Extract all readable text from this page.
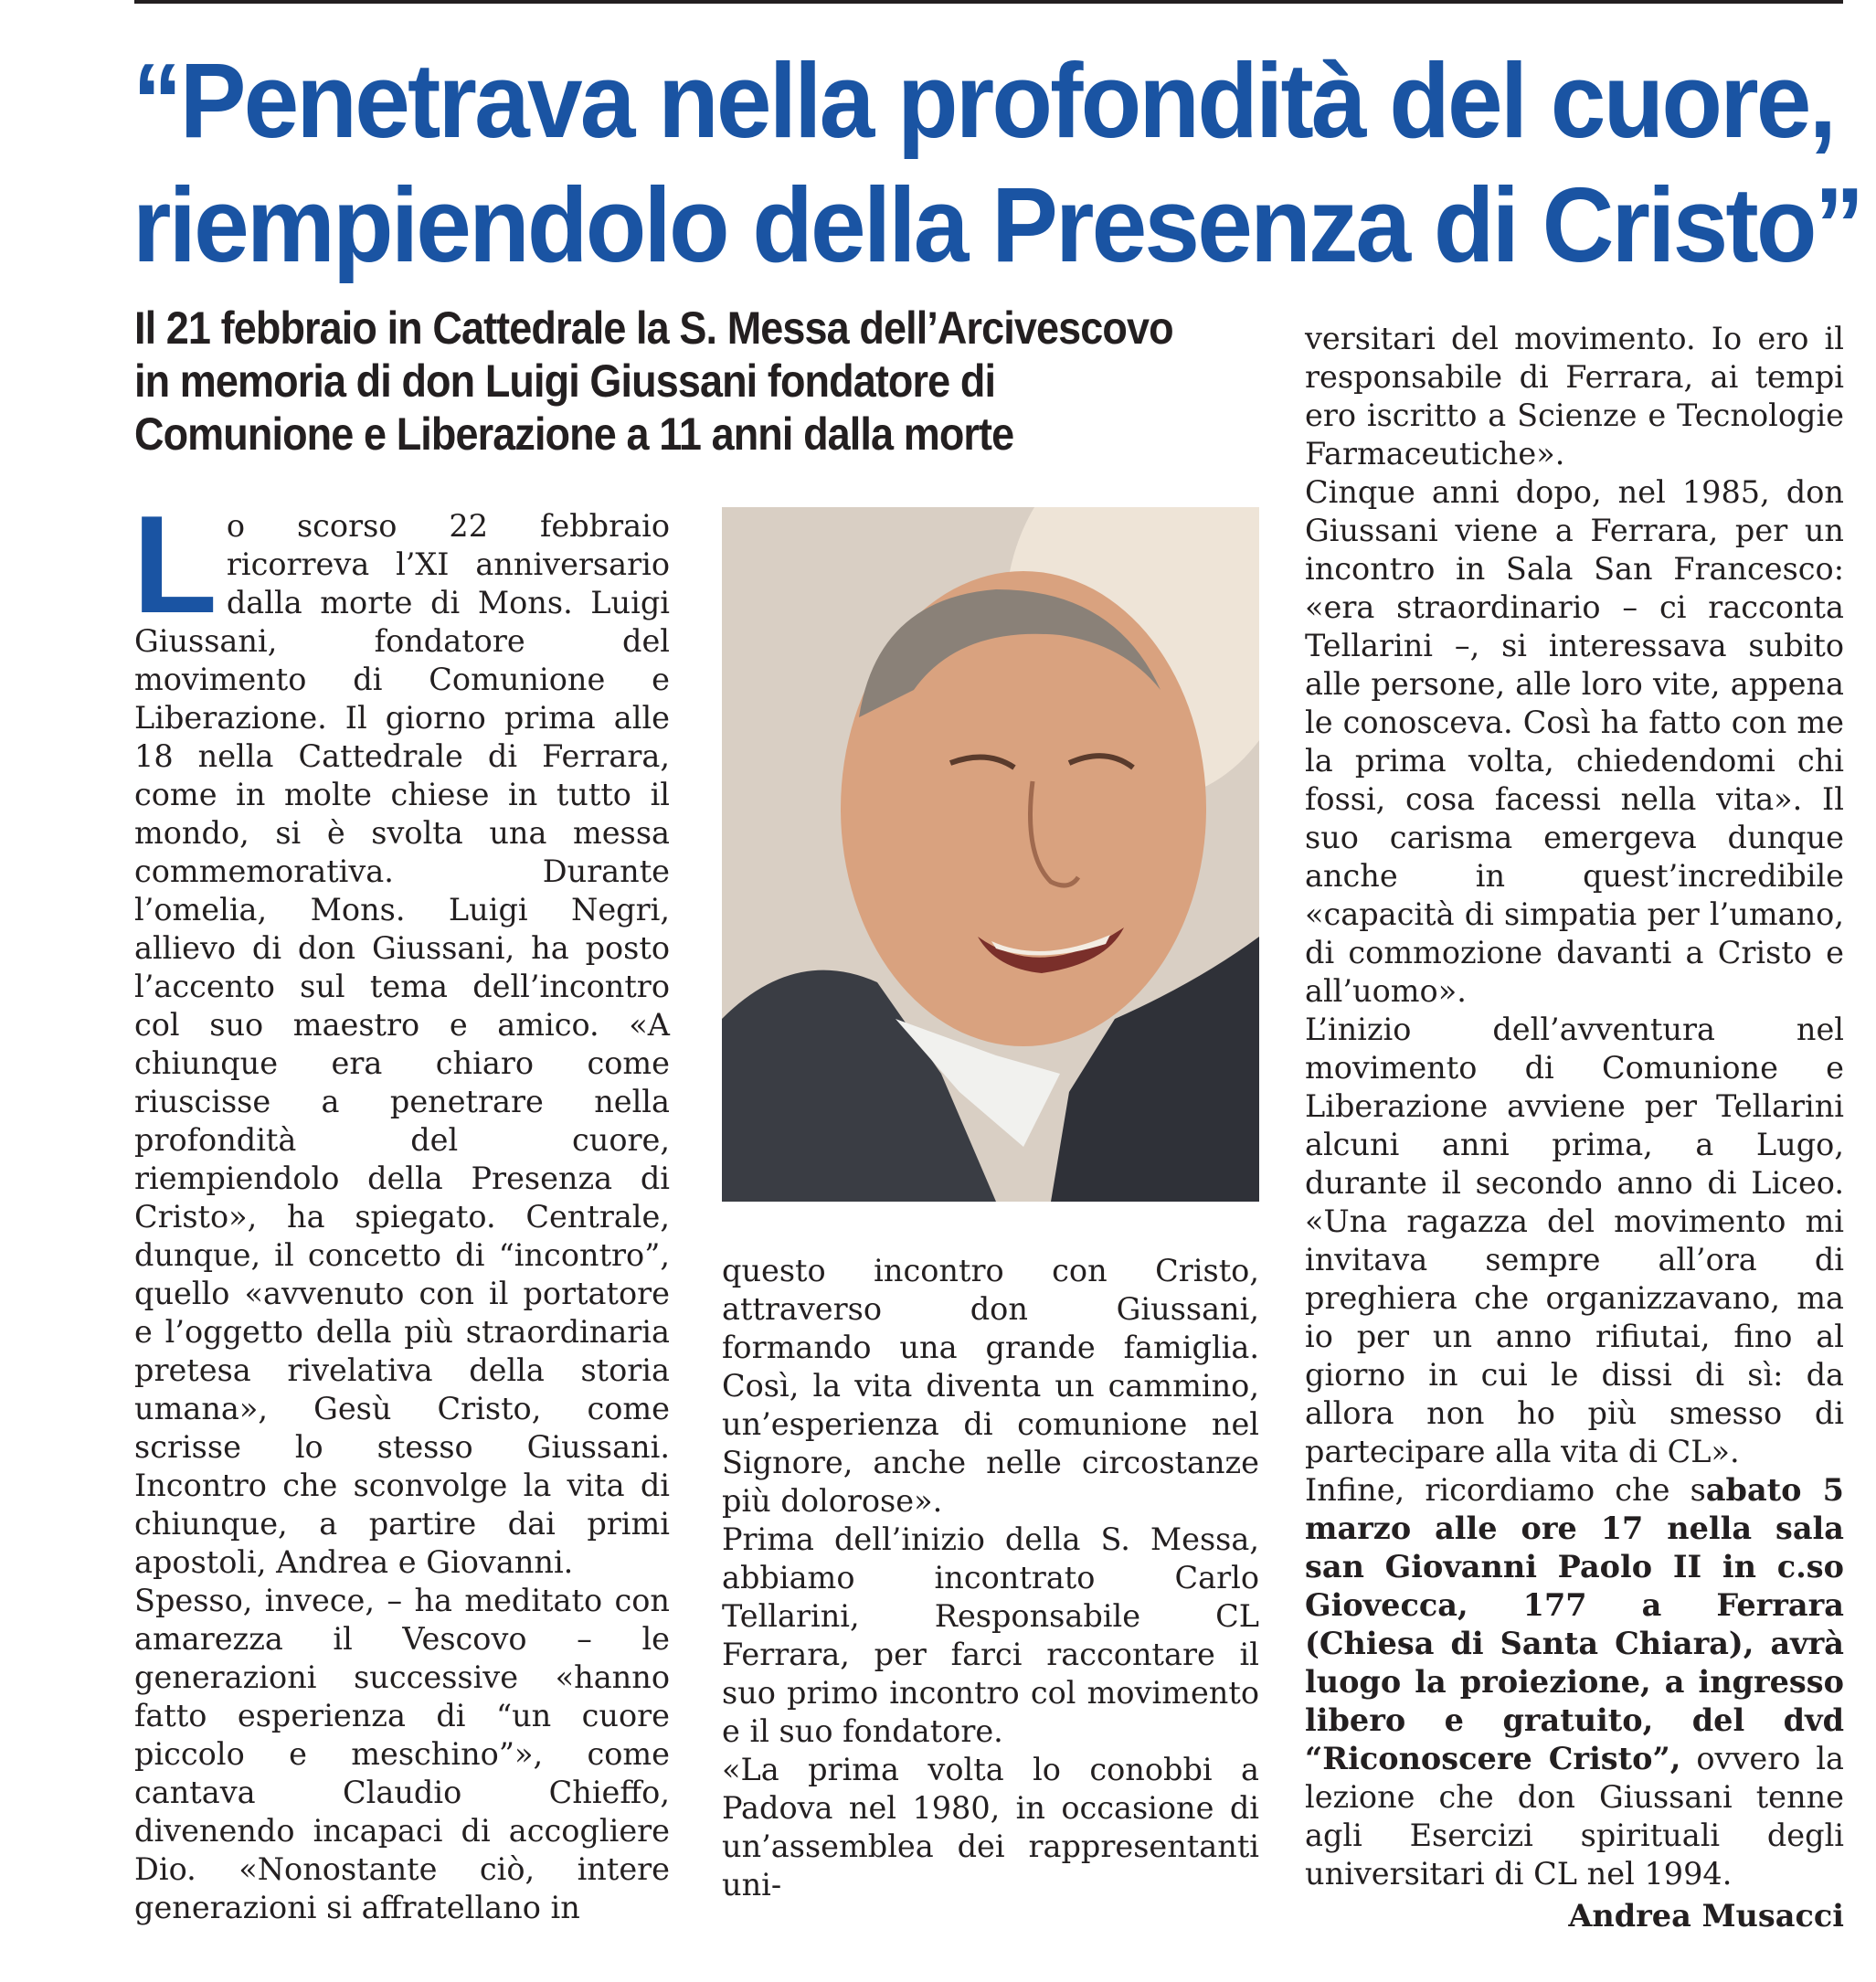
“Penetrava nella profondità del cuore,
riempiendolo della Presenza di Cristo”
Il 21 febbraio in Cattedrale la S. Messa dell’Arcivescovo
in memoria di don Luigi Giussani fondatore di
Comunione e Liberazione a 11 anni dalla morte

Lo scorso 22 febbraio ricorreva l’XI anniversario dalla morte di Mons. Luigi Giussani, fondatore del movimento di Comunione e Liberazione. Il giorno prima alle 18 nella Cattedrale di Ferrara, come in molte chiese in tutto il mondo, si è svolta una messa commemorativa. Durante l’omelia, Mons. Luigi Negri, allievo di don Giussani, ha posto l’accento sul tema dell’incontro col suo maestro e amico. «A chiunque era chiaro come riuscisse a penetrare nella profondità del cuore, riempiendolo della Presenza di Cristo», ha spiegato. Centrale, dunque, il concetto di “incontro”, quello «avvenuto con il portatore e l’oggetto della più straordinaria pretesa rivelativa della storia umana», Gesù Cristo, come scrisse lo stesso Giussani. Incontro che sconvolge la vita di chiunque, a partire dai primi apostoli, Andrea e Giovanni.

Spesso, invece, – ha meditato con amarezza il Vescovo – le generazioni successive «hanno fatto esperienza di “un cuore piccolo e meschino”», come cantava Claudio Chieffo, divenendo incapaci di accogliere Dio. «Nonostante ciò, intere generazioni si affratellano in

questo incontro con Cristo, attraverso don Giussani, formando una grande famiglia. Così, la vita diventa un cammino, un’esperienza di comunione nel Signore, anche nelle circostanze più dolorose».

Prima dell’inizio della S. Messa, abbiamo incontrato Carlo Tellarini, Responsabile CL Ferrara, per farci raccontare il suo primo incontro col movimento e il suo fondatore.

«La prima volta lo conobbi a Padova nel 1980, in occasione di un’assemblea dei rappresentanti uni-

versitari del movimento. Io ero il responsabile di Ferrara, ai tempi ero iscritto a Scienze e Tecnologie Farmaceutiche».

Cinque anni dopo, nel 1985, don Giussani viene a Ferrara, per un incontro in Sala San Francesco: «era straordinario – ci racconta Tellarini –, si interessava subito alle persone, alle loro vite, appena le conosceva. Così ha fatto con me la prima volta, chiedendomi chi fossi, cosa facessi nella vita». Il suo carisma emergeva dunque anche in quest’incredibile «capacità di simpatia per l’umano, di commozione davanti a Cristo e all’uomo».

L’inizio dell’avventura nel movimento di Comunione e Liberazione avviene per Tellarini alcuni anni prima, a Lugo, durante il secondo anno di Liceo. «Una ragazza del movimento mi invitava sempre all’ora di preghiera che organizzavano, ma io per un anno rifiutai, fino al giorno in cui le dissi di sì: da allora non ho più smesso di partecipare alla vita di CL».

Infine, ricordiamo che sabato 5 marzo alle ore 17 nella sala san Giovanni Paolo II in c.so Giovecca, 177 a Ferrara (Chiesa di Santa Chiara), avrà luogo la proiezione, a ingresso libero e gratuito, del dvd “Riconoscere Cristo”, ovvero la lezione che don Giussani tenne agli Esercizi spirituali degli universitari di CL nel 1994.

Andrea Musacci
